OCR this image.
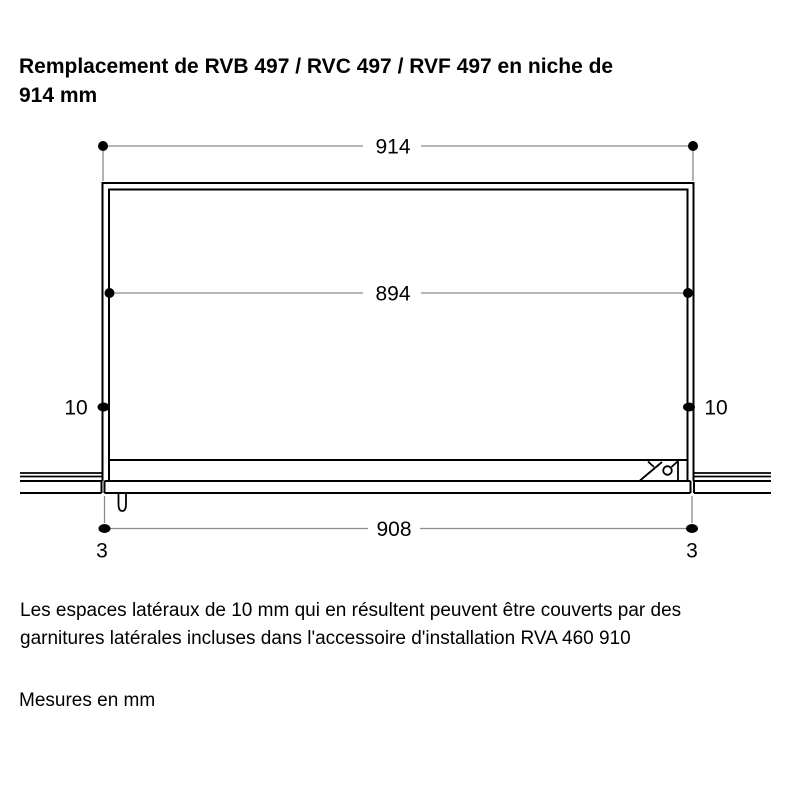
Remplacement de RVB 497 / RVC 497 / RVF 497 en niche de
914 mm
914
894
10	10
908
3	3
Les espaces latéraux de 10 mm qui en résultent peuvent être couverts par des
garnitures latérales incluses dans l'accessoire d'installation RVA 460 910
Mesures en mm
